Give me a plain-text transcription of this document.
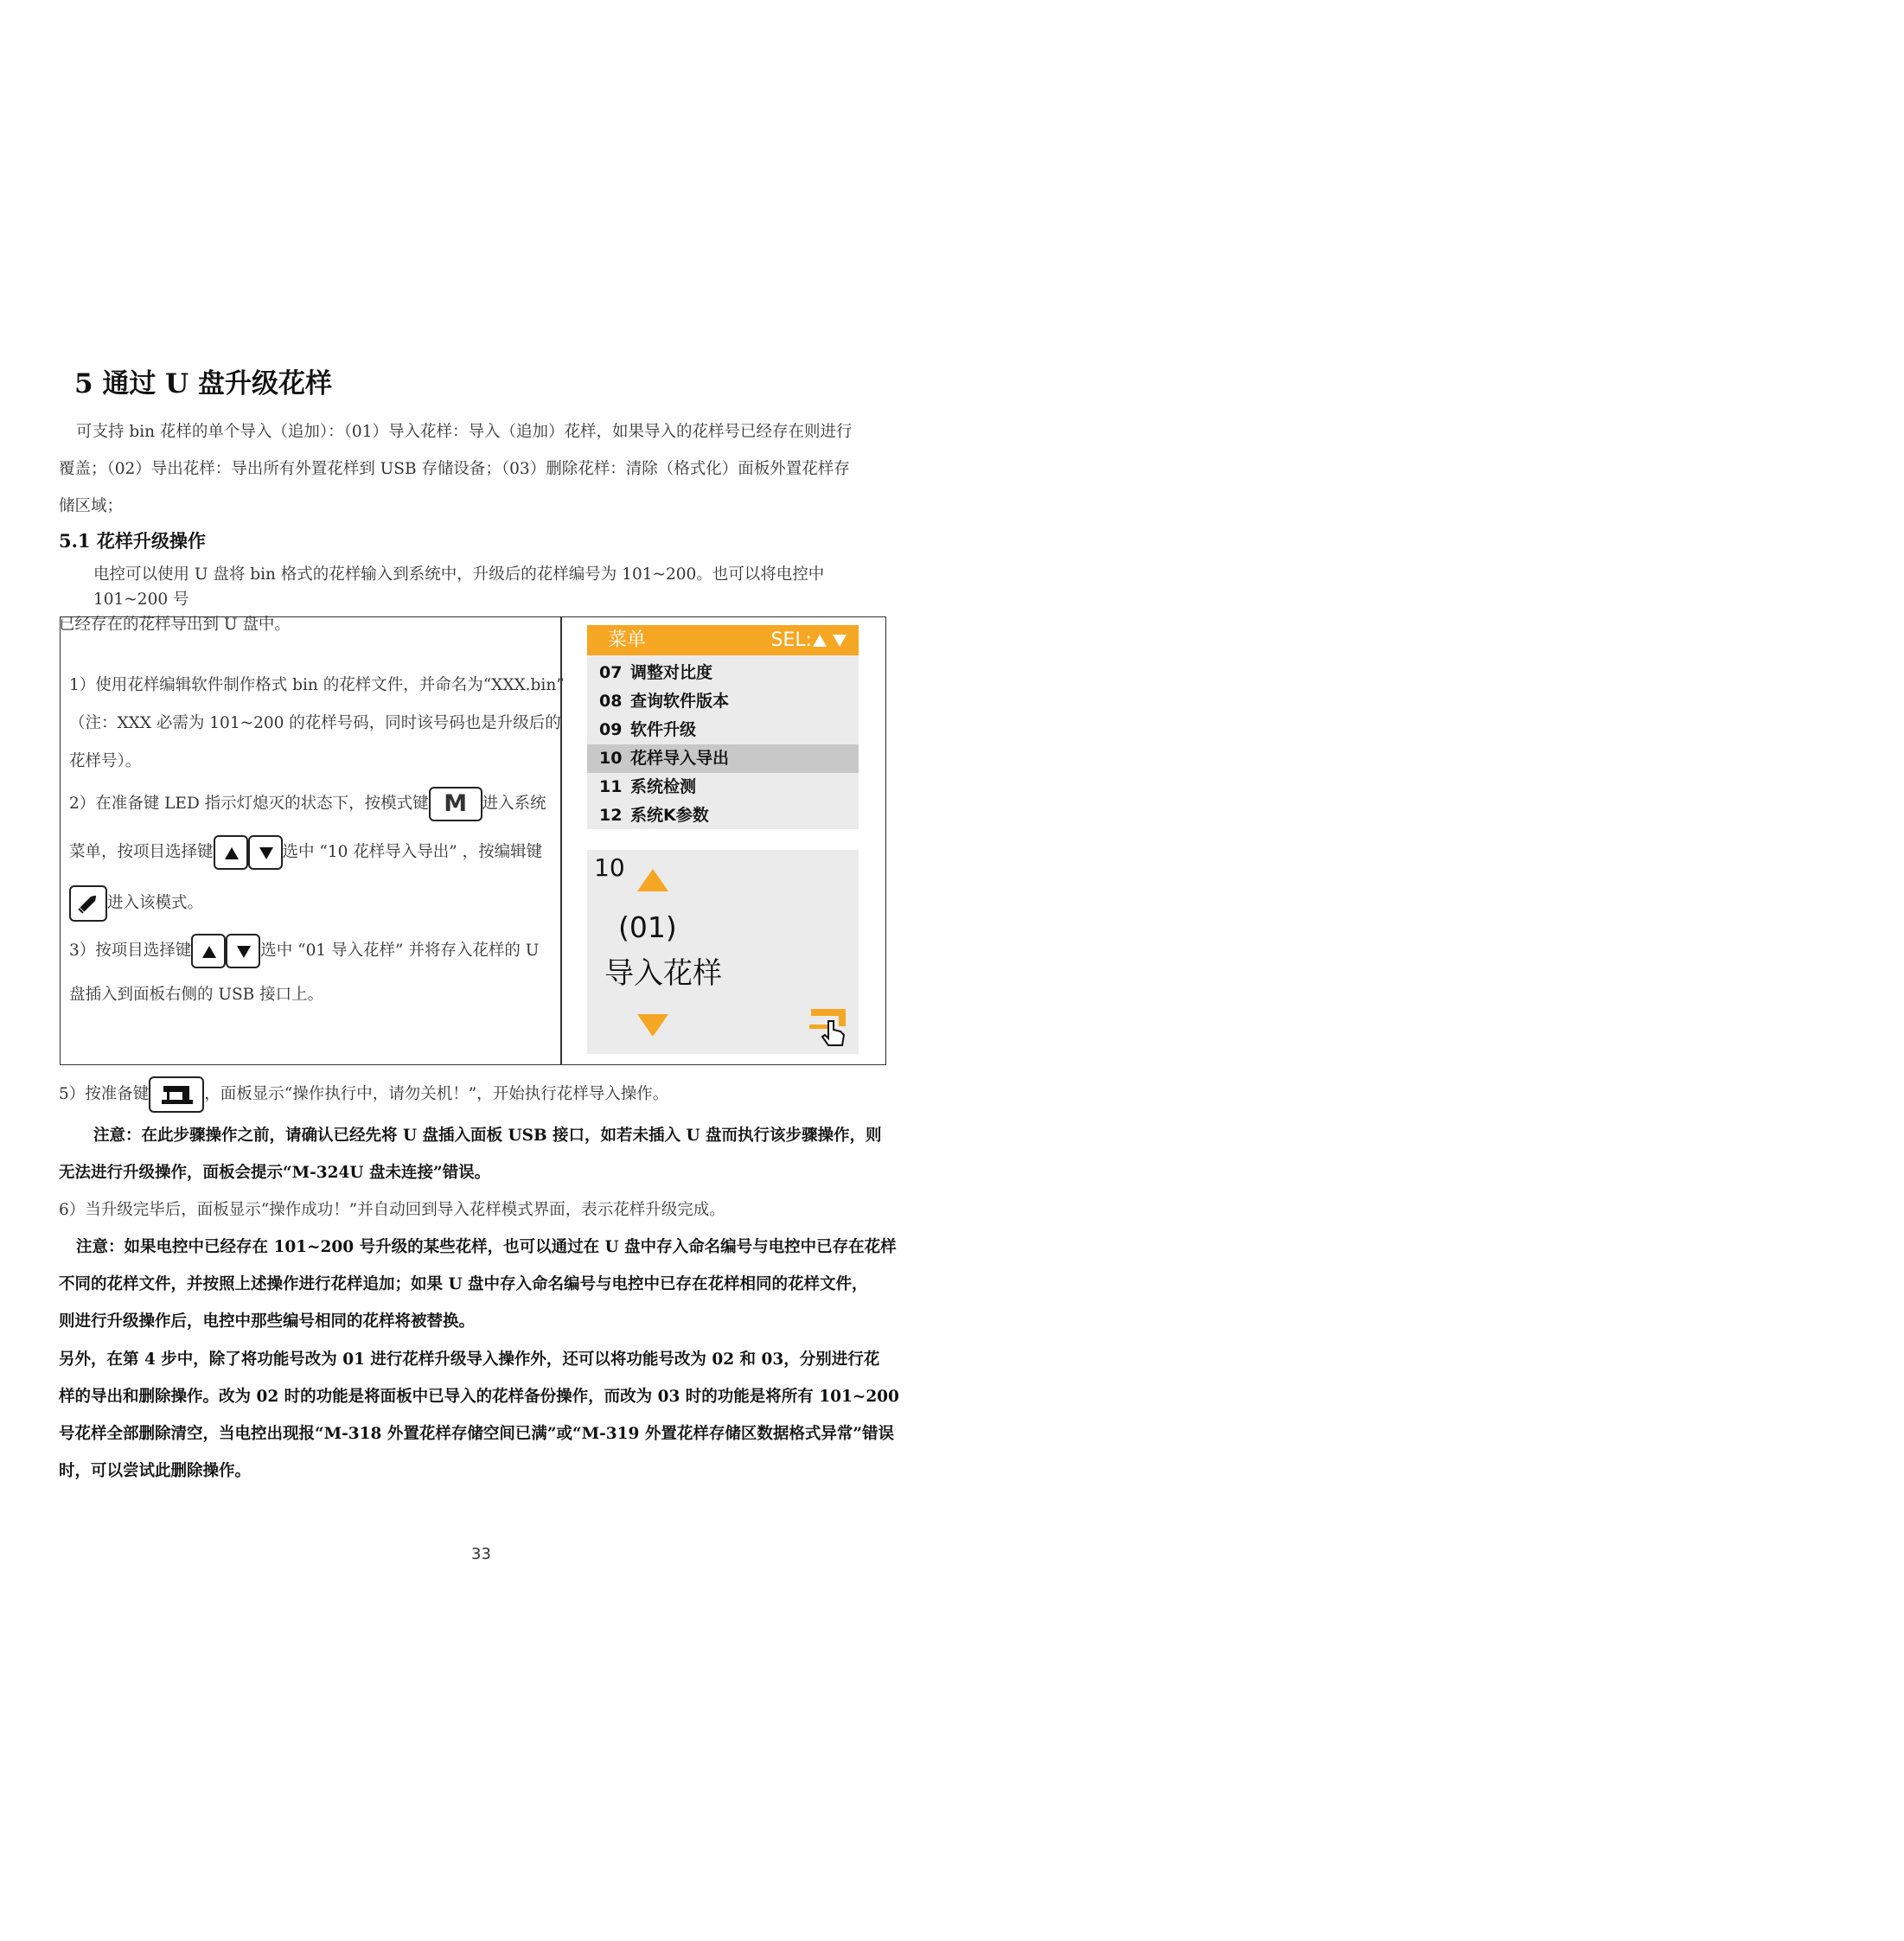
5 通过 U 盘升级花样
可支持 bin 花样的单个导入（追加）：（01）导入花样：导入（追加）花样，如果导入的花样号已经存在则进行
覆盖；（02）导出花样：导出所有外置花样到 USB 存储设备；（03）删除花样：清除（格式化）面板外置花样存
储区域；
5.1 花样升级操作
电控可以使用 U 盘将 bin 格式的花样输入到系统中，升级后的花样编号为 101~200。也可以将电控中 101~200 号
已经存在的花样导出到 U 盘中。
1）使用花样编辑软件制作格式 bin 的花样文件，并命名为“XXX.bin”
（注：XXX 必需为 101~200 的花样号码，同时该号码也是升级后的
花样号）。
2）在准备键 LED 指示灯熄灭的状态下，按模式键 M 进入系统
菜单，按项目选择键	选中 “10 花样导入导出” ，按编辑键
进入该模式。
3）按项目选择键	选中 “01 导入花样” 并将存入花样的 U
盘插入到面板右侧的 USB 接口上。
菜单	SEL:
07 调整对比度
08 查询软件版本
09 软件升级
10 花样导入导出
11 系统检测
12 系统K参数
10
(01)
导入花样
5）按准备键	，面板显示“操作执行中，请勿关机！”，开始执行花样导入操作。
注意：在此步骤操作之前，请确认已经先将 U 盘插入面板 USB 接口，如若未插入 U 盘而执行该步骤操作，则
无法进行升级操作，面板会提示“M-324U 盘未连接”错误。
6）当升级完毕后，面板显示“操作成功！”并自动回到导入花样模式界面，表示花样升级完成。
注意：如果电控中已经存在 101~200 号升级的某些花样，也可以通过在 U 盘中存入命名编号与电控中已存在花样
不同的花样文件，并按照上述操作进行花样追加；如果 U 盘中存入命名编号与电控中已存在花样相同的花样文件，
则进行升级操作后，电控中那些编号相同的花样将被替换。
另外，在第 4 步中，除了将功能号改为 01 进行花样升级导入操作外，还可以将功能号改为 02 和 03，分别进行花
样的导出和删除操作。改为 02 时的功能是将面板中已导入的花样备份操作，而改为 03 时的功能是将所有 101~200
号花样全部删除清空，当电控出现报“M-318 外置花样存储空间已满”或“M-319 外置花样存储区数据格式异常”错误
时，可以尝试此删除操作。
33
